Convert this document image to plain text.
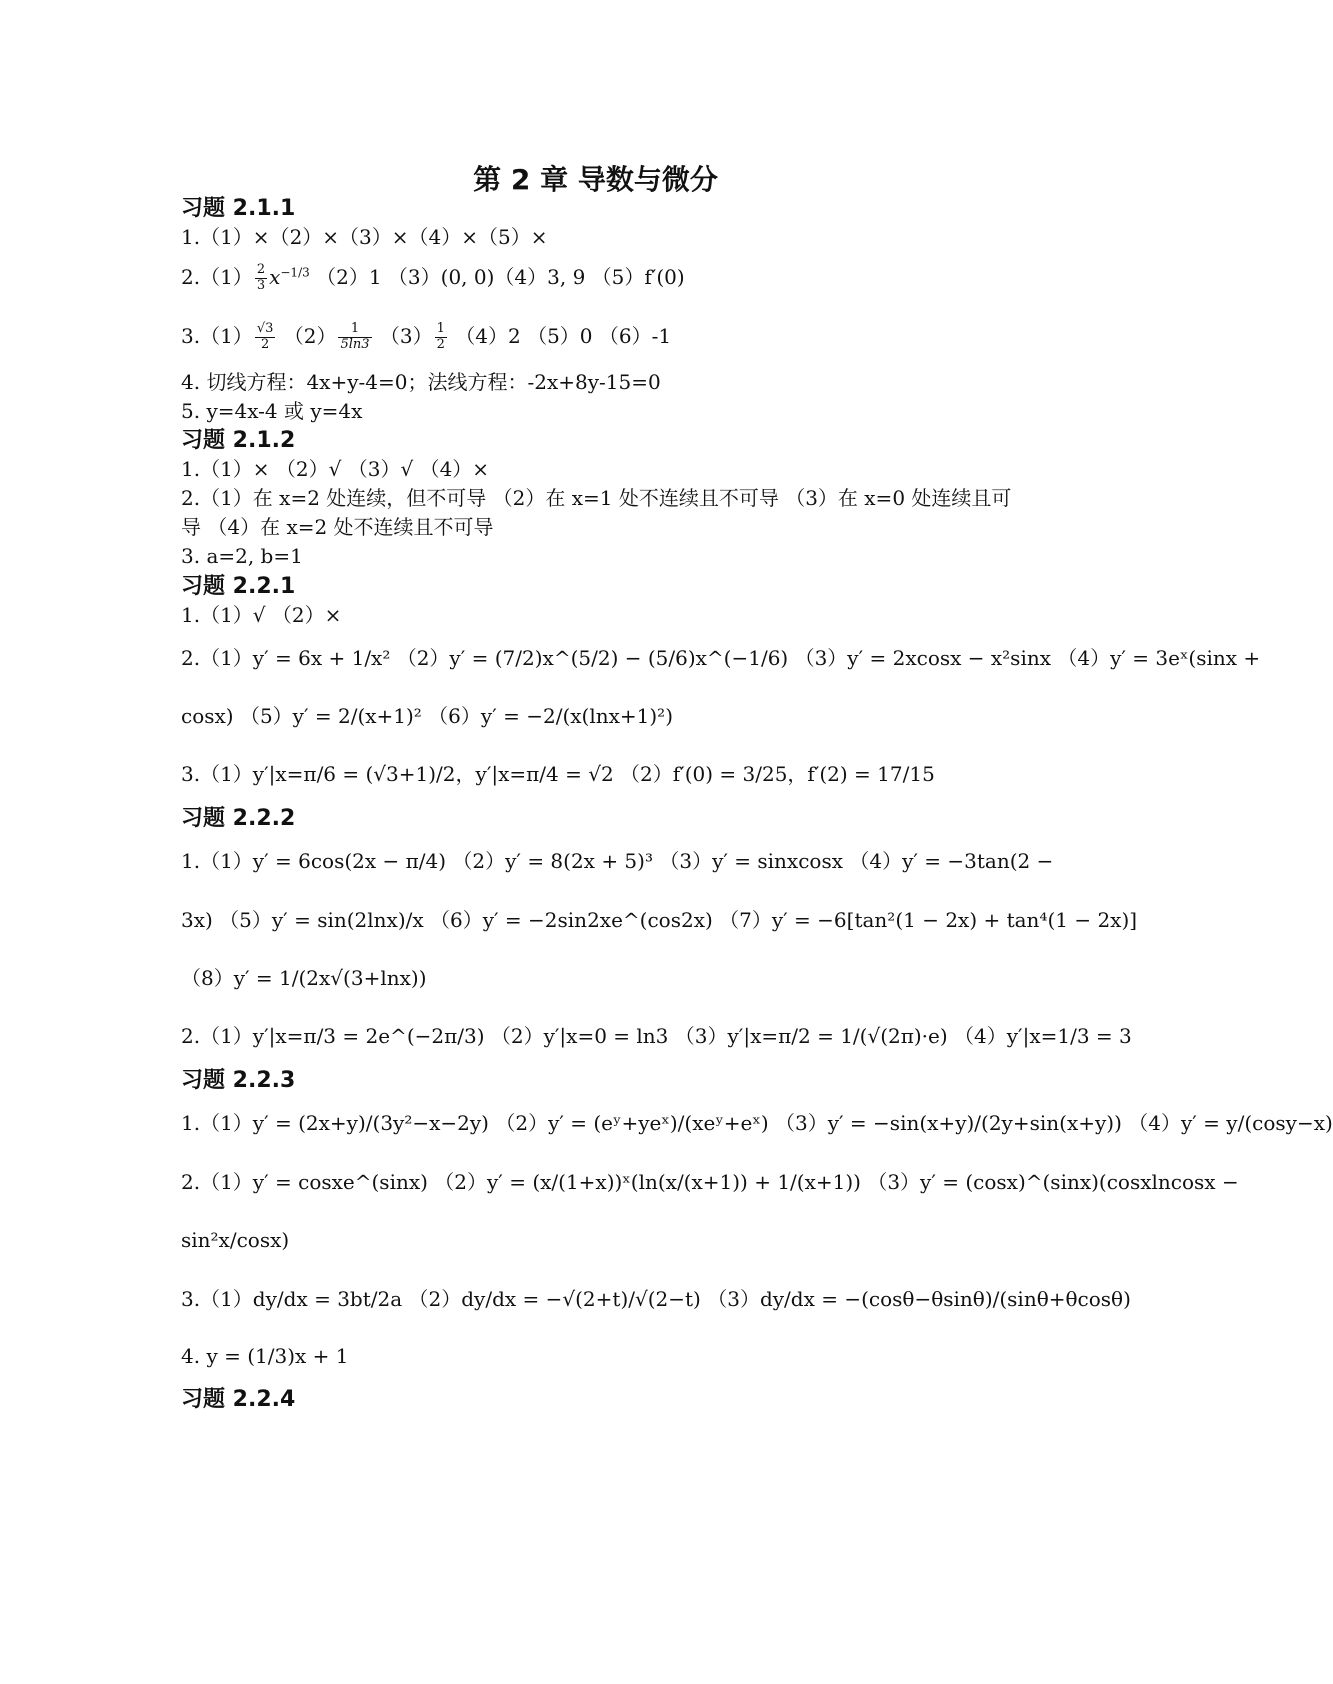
第 2 章 导数与微分
习题 2.1.1
1.（1）×（2）×（3）×（4）×（5）×
$2.(1) \frac{2}{3} x^{-1/3}$ （2）1 （3）(0, 0)（4）3, 9 （5）f′(0)
$3.(1) \frac{√3}{2} (2) \frac{1}{5\ln 3} (3) \frac{1}{2} (4)2$ （5）0 （6）-1
4. 切线方程：4x+y-4=0；法线方程：-2x+8y-15=0
5. y=4x-4 或 y=4x
习题 2.1.2
1.（1）× （2）√ （3）√ （4）×
2.（1）在 x=2 处连续，但不可导 （2）在 x=1 处不连续且不可导 （3）在 x=0 处连续且可
导 （4）在 x=2 处不连续且不可导
3. a=2, b=1
习题 2.2.1
1.（1）√ （2）×
2.（1）y′ = 6x + 1/x² （2）y′ = (7/2)x^(5/2) − (5/6)x^(−1/6) （3）y′ = 2xcosx − x²sinx （4）y′ = 3eˣ(sinx +
cosx) （5）y′ = 2/(x+1)² （6）y′ = −2/(x(lnx+1)²)
3.（1）y′|x=π/6 = (√3+1)/2，y′|x=π/4 = √2 （2）f′(0) = 3/25，f′(2) = 17/15
习题 2.2.2
1.（1）y′ = 6cos(2x − π/4) （2）y′ = 8(2x + 5)³ （3）y′ = sinxcosx （4）y′ = −3tan(2 −
3x) （5）y′ = sin(2lnx)/x （6）y′ = −2sin2xe^(cos2x) （7）y′ = −6[tan²(1 − 2x) + tan⁴(1 − 2x)]
（8）y′ = 1/(2x√(3+lnx))
2.（1）y′|x=π/3 = 2e^(−2π/3) （2）y′|x=0 = ln3 （3）y′|x=π/2 = 1/(√(2π)·e) （4）y′|x=1/3 = 3
习题 2.2.3
1.（1）y′ = (2x+y)/(3y²−x−2y) （2）y′ = (eʸ+yeˣ)/(xeʸ+eˣ) （3）y′ = −sin(x+y)/(2y+sin(x+y)) （4）y′ = y/(cosy−x)
2.（1）y′ = cosxe^(sinx) （2）y′ = (x/(1+x))ˣ(ln(x/(x+1)) + 1/(x+1)) （3）y′ = (cosx)^(sinx)(cosxlncosx −
sin²x/cosx)
3.（1）dy/dx = 3bt/2a （2）dy/dx = −√(2+t)/√(2−t) （3）dy/dx = −(cosθ−θsinθ)/(sinθ+θcosθ)
4. y = (1/3)x + 1
习题 2.2.4
